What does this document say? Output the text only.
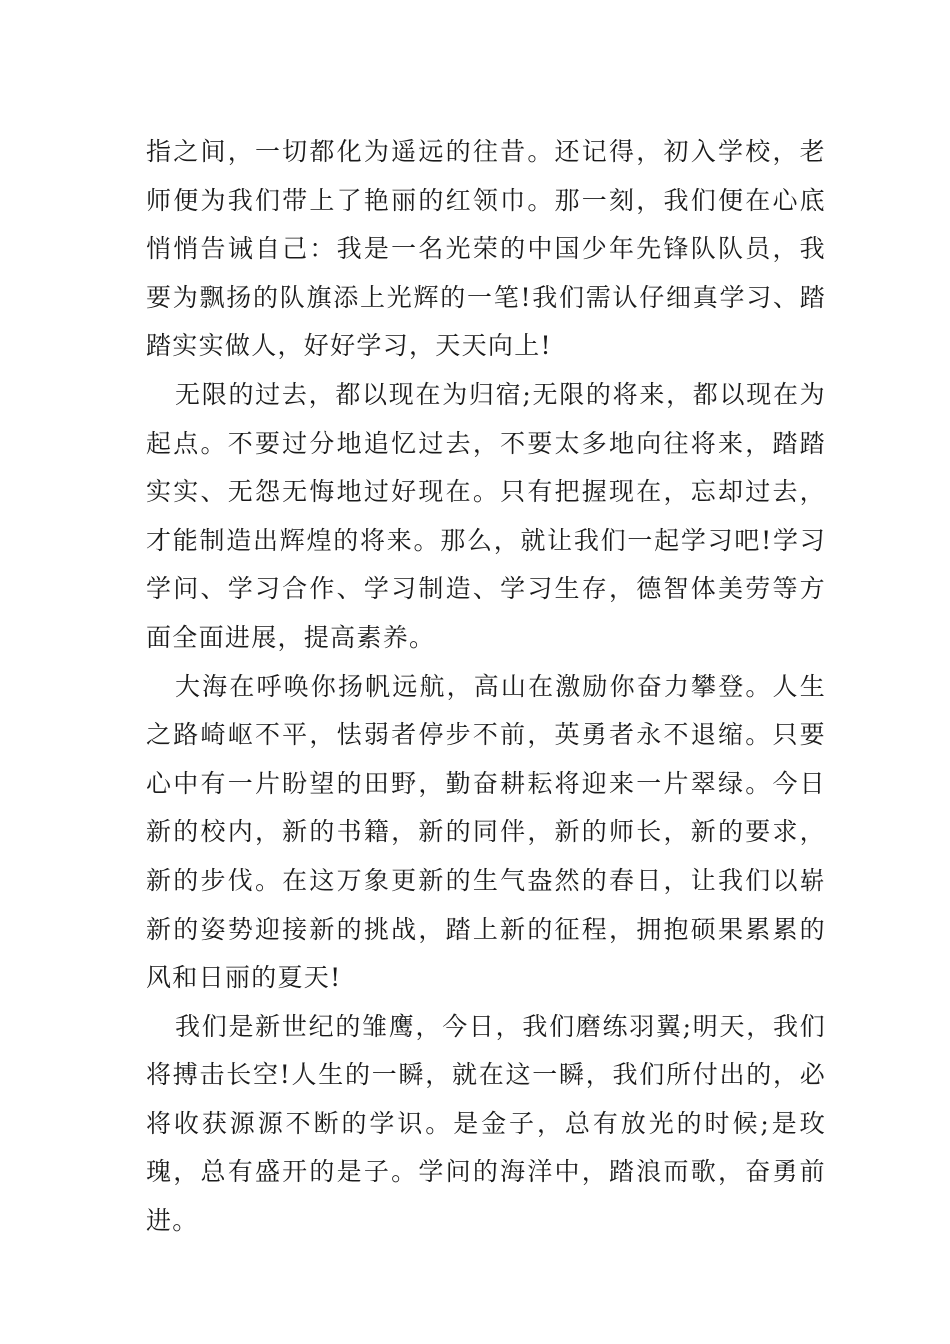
指之间，一切都化为遥远的往昔。还记得，初入学校，老师便为我们带上了艳丽的红领巾。那一刻，我们便在心底悄悄告诫自己：我是一名光荣的中国少年先锋队队员，我要为飘扬的队旗添上光辉的一笔!我们需认仔细真学习、踏踏实实做人，好好学习，天天向上!

无限的过去，都以现在为归宿;无限的将来，都以现在为起点。不要过分地追忆过去，不要太多地向往将来，踏踏实实、无怨无悔地过好现在。只有把握现在，忘却过去，才能制造出辉煌的将来。那么，就让我们一起学习吧!学习学问、学习合作、学习制造、学习生存，德智体美劳等方面全面进展，提高素养。

大海在呼唤你扬帆远航，高山在激励你奋力攀登。人生之路崎岖不平，怯弱者停步不前，英勇者永不退缩。只要心中有一片盼望的田野，勤奋耕耘将迎来一片翠绿。今日新的校内，新的书籍，新的同伴，新的师长，新的要求，新的步伐。在这万象更新的生气盎然的春日，让我们以崭新的姿势迎接新的挑战，踏上新的征程，拥抱硕果累累的风和日丽的夏天!

我们是新世纪的雏鹰，今日，我们磨练羽翼;明天，我们将搏击长空!人生的一瞬，就在这一瞬，我们所付出的，必将收获源源不断的学识。是金子，总有放光的时候;是玫瑰，总有盛开的是子。学问的海洋中，踏浪而歌，奋勇前进。
